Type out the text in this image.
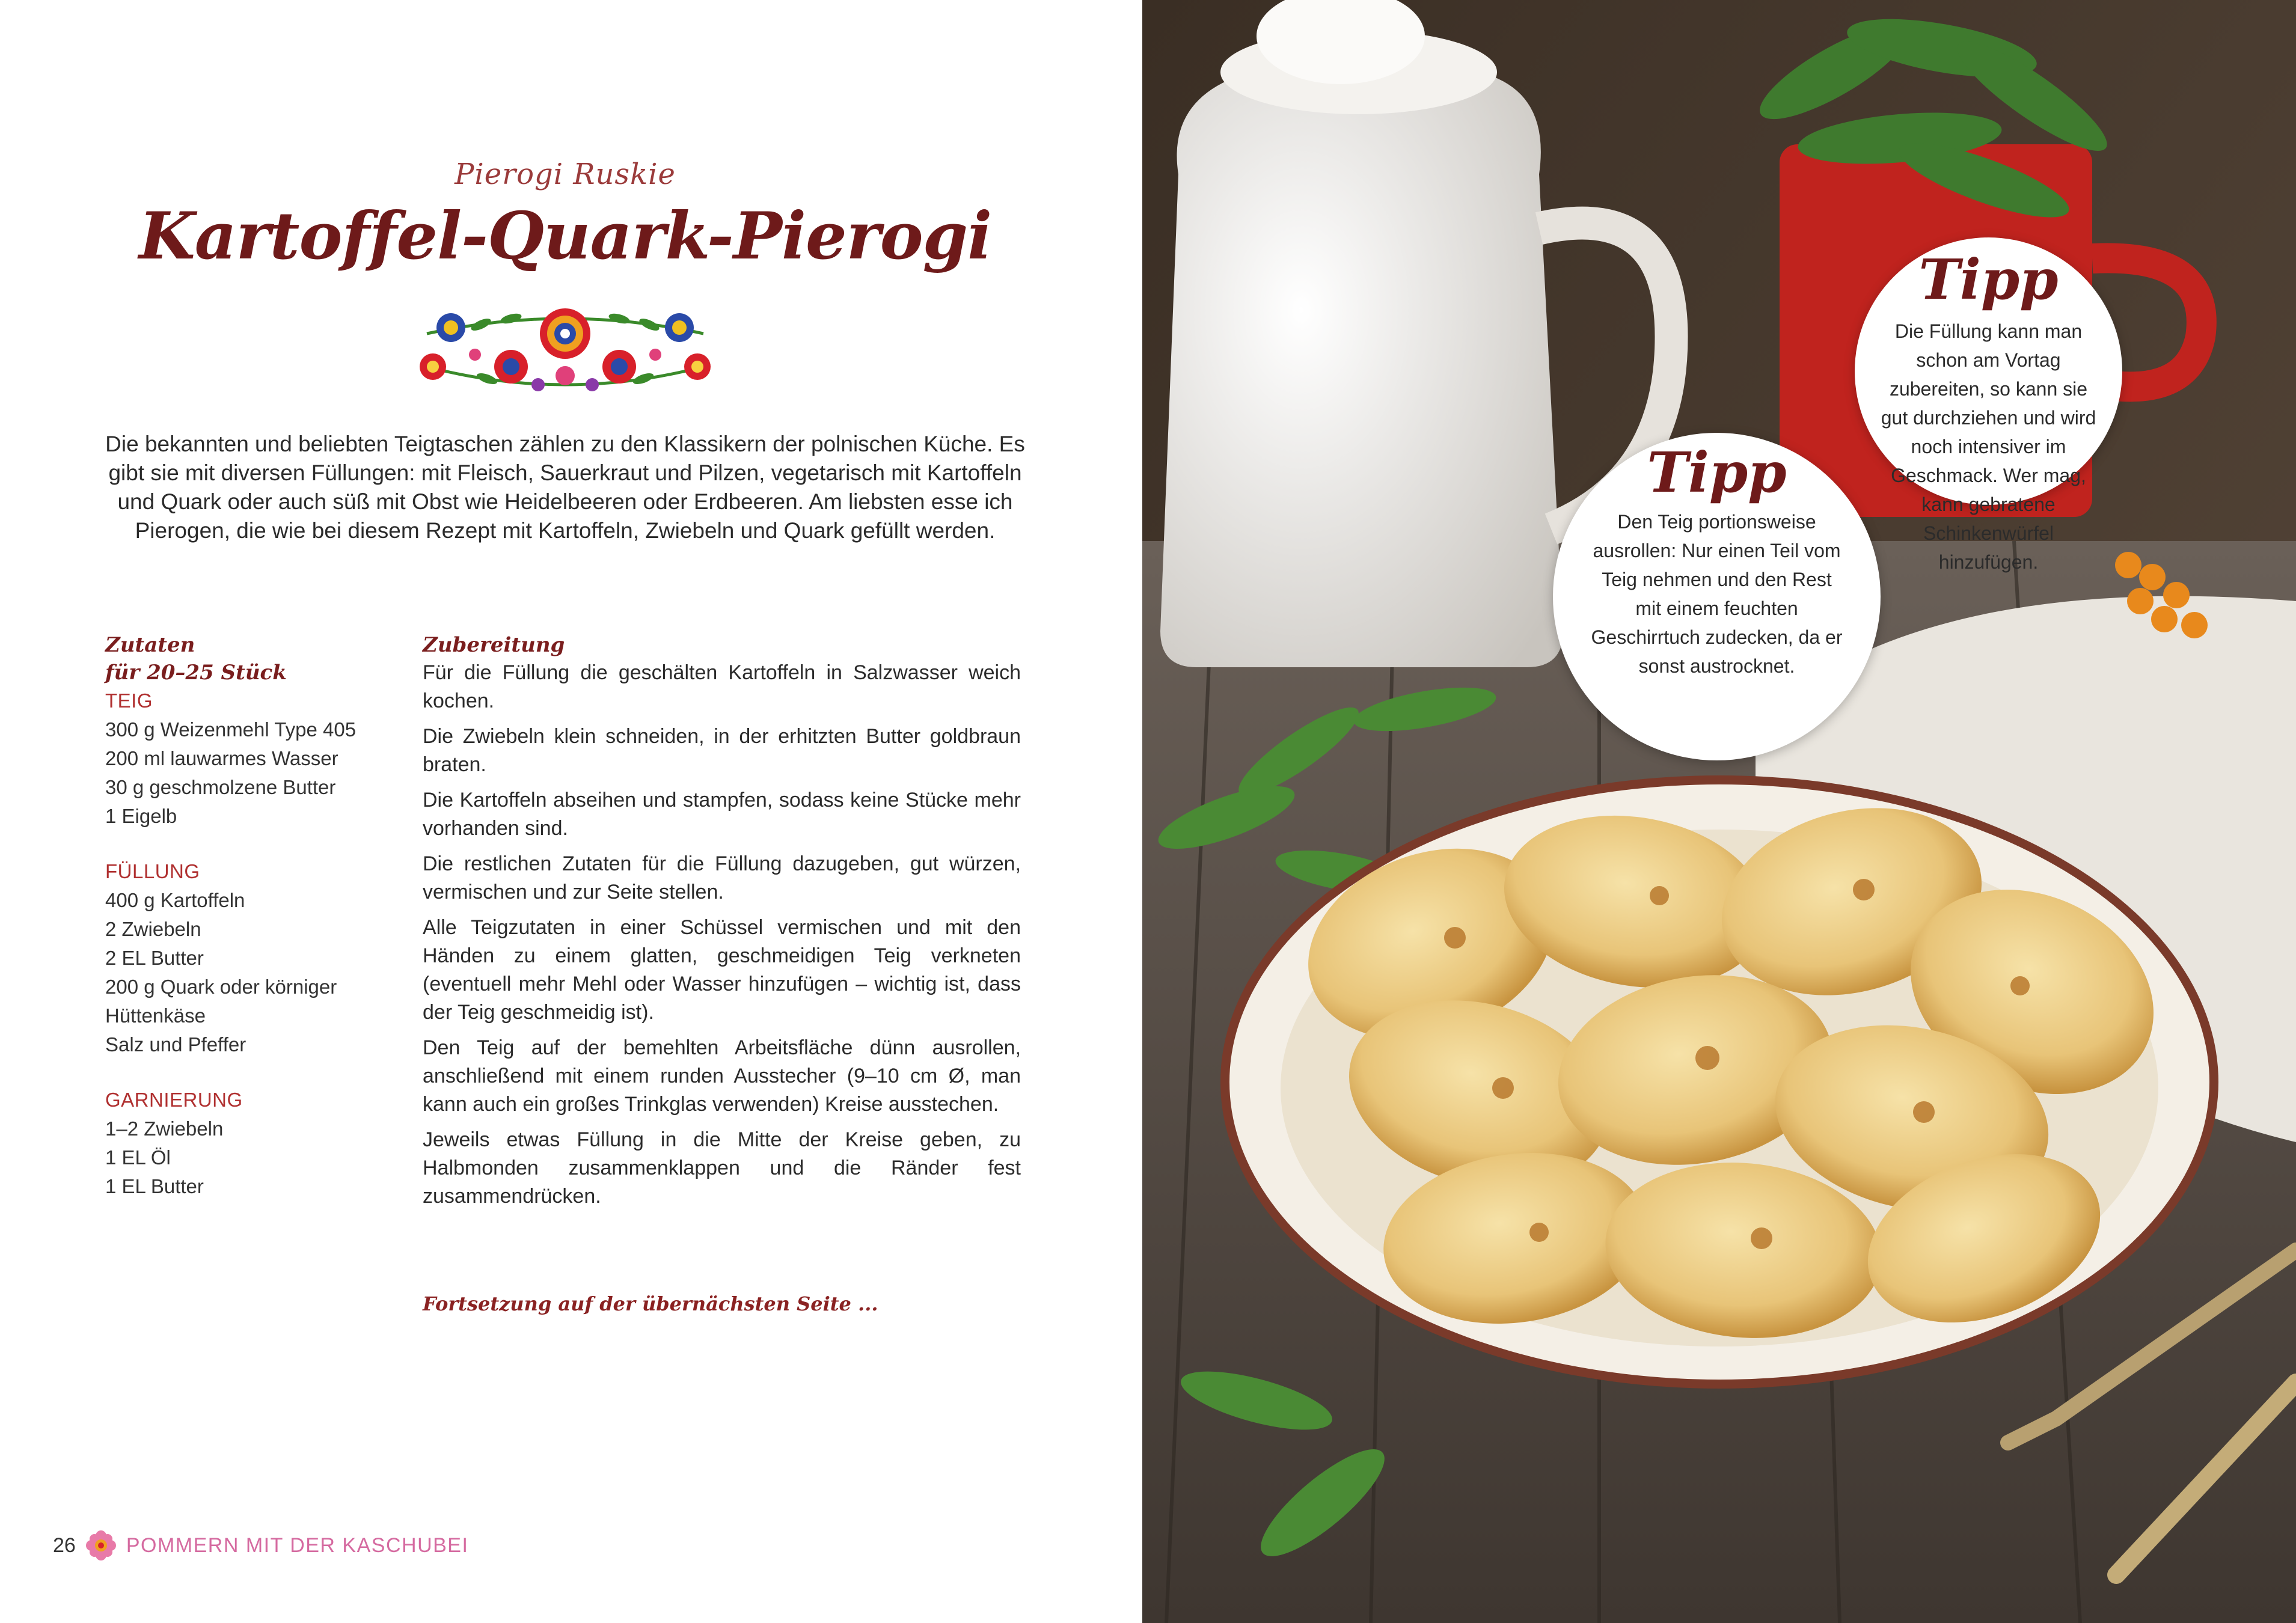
Pierogi Ruskie
Kartoffel-Quark-Pierogi
Die bekannten und beliebten Teigtaschen zählen zu den Klassikern der polnischen Küche. Es gibt sie mit diversen Füllungen: mit Fleisch, Sauerkraut und Pilzen, vegetarisch mit Kartoffeln und Quark oder auch süß mit Obst wie Heidelbeeren oder Erdbeeren. Am liebsten esse ich Pierogen, die wie bei diesem Rezept mit Kartoffeln, Zwiebeln und Quark gefüllt werden.
Zutaten
für 20–25 Stück
TEIG
300 g Weizenmehl Type 405
200 ml lauwarmes Wasser
30 g geschmolzene Butter
1 Eigelb
FÜLLUNG
400 g Kartoffeln
2 Zwiebeln
2 EL Butter
200 g Quark oder körniger
Hüttenkäse
Salz und Pfeffer
GARNIERUNG
1–2 Zwiebeln
1 EL Öl
1 EL Butter
Zubereitung

Für die Füllung die geschälten Kartoffeln in Salzwasser weich kochen.

Die Zwiebeln klein schneiden, in der erhitzten Butter goldbraun braten.

Die Kartoffeln abseihen und stampfen, sodass keine Stücke mehr vorhanden sind.

Die restlichen Zutaten für die Füllung dazugeben, gut würzen, vermischen und zur Seite stellen.

Alle Teigzutaten in einer Schüssel vermischen und mit den Händen zu einem glatten, geschmeidigen Teig verkneten (eventuell mehr Mehl oder Wasser hinzufügen – wichtig ist, dass der Teig geschmeidig ist).

Den Teig auf der bemehlten Arbeitsfläche dünn ausrollen, anschließend mit einem runden Ausstecher (9–10 cm Ø, man kann auch ein großes Trinkglas verwenden) Kreise ausstechen.

Jeweils etwas Füllung in die Mitte der Kreise geben, zu Halbmonden zusammenklappen und die Ränder fest zusammendrücken.

Fortsetzung auf der übernächsten Seite ...
26 POMMERN MIT DER KASCHUBEI
Tipp
Die Füllung kann man schon am Vortag zubereiten, so kann sie gut durchziehen und wird noch intensiver im Geschmack. Wer mag, kann gebratene Schinkenwürfel hinzufügen.
Tipp
Den Teig portionsweise ausrollen: Nur einen Teil vom Teig nehmen und den Rest mit einem feuchten Geschirrtuch zudecken, da er sonst austrocknet.
